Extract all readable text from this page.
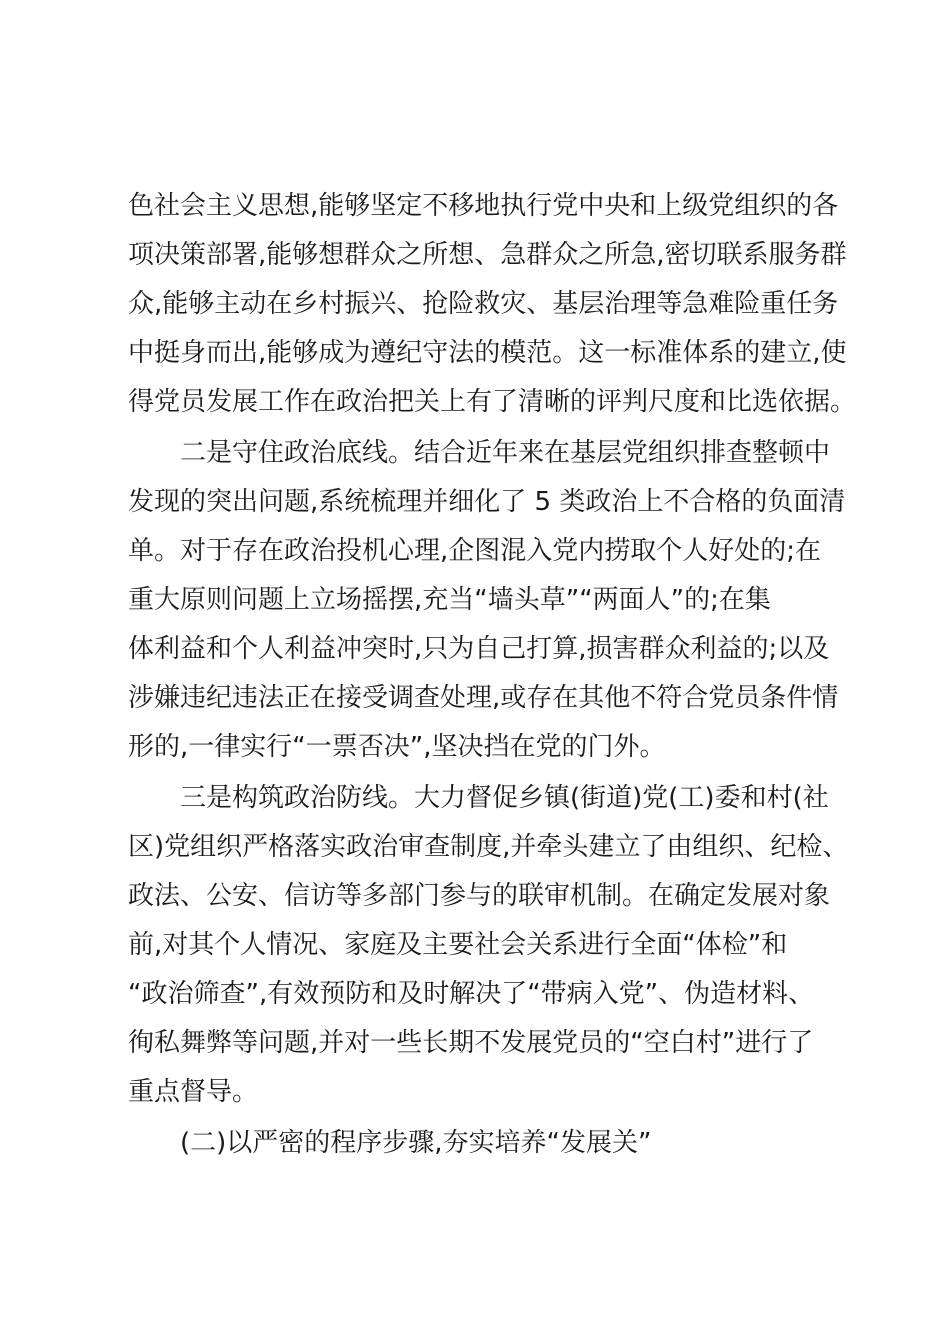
色社会主义思想,能够坚定不移地执行党中央和上级党组织的各
项决策部署,能够想群众之所想、急群众之所急,密切联系服务群
众,能够主动在乡村振兴、抢险救灾、基层治理等急难险重任务
中挺身而出,能够成为遵纪守法的模范。这一标准体系的建立,使
得党员发展工作在政治把关上有了清晰的评判尺度和比选依据。
二是守住政治底线。结合近年来在基层党组织排查整顿中
发现的突出问题,系统梳理并细化了 5 类政治上不合格的负面清
单。对于存在政治投机心理,企图混入党内捞取个人好处的;在
重大原则问题上立场摇摆,充当“墙头草”“两面人”的;在集
体利益和个人利益冲突时,只为自己打算,损害群众利益的;以及
涉嫌违纪违法正在接受调查处理,或存在其他不符合党员条件情
形的,一律实行“一票否决”,坚决挡在党的门外。
三是构筑政治防线。大力督促乡镇(街道)党(工)委和村(社
区)党组织严格落实政治审查制度,并牵头建立了由组织、纪检、
政法、公安、信访等多部门参与的联审机制。在确定发展对象
前,对其个人情况、家庭及主要社会关系进行全面“体检”和
“政治筛查”,有效预防和及时解决了“带病入党”、伪造材料、
徇私舞弊等问题,并对一些长期不发展党员的“空白村”进行了
重点督导。
(二)以严密的程序步骤,夯实培养“发展关”
